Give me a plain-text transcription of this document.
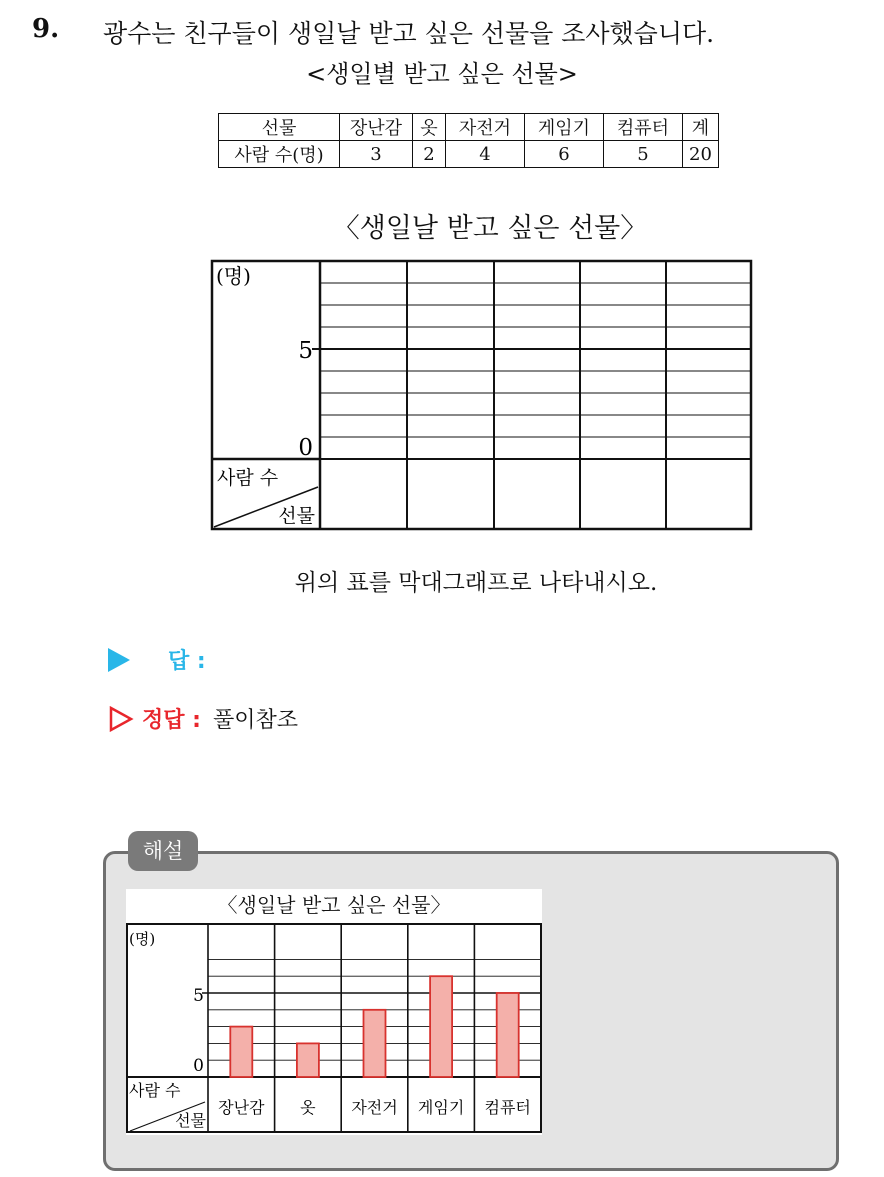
9. 광수는 친구들이 생일날 받고 싶은 선물을 조사했습니다.
<생일별 받고 싶은 선물>
선물	장난감	옷	자전거	게임기	컴퓨터	계
사람 수(명)	3	2	4	6	5	20
〈생일날 받고 싶은 선물〉
(명)
5
0
사람 수
선물
위의 표를 막대그래프로 나타내시오.
답 :
정답 : 풀이참조
해설
〈생일날 받고 싶은 선물〉
(명)
5
0
사람 수
선물
장난감 옷 자전거 게임기 컴퓨터
